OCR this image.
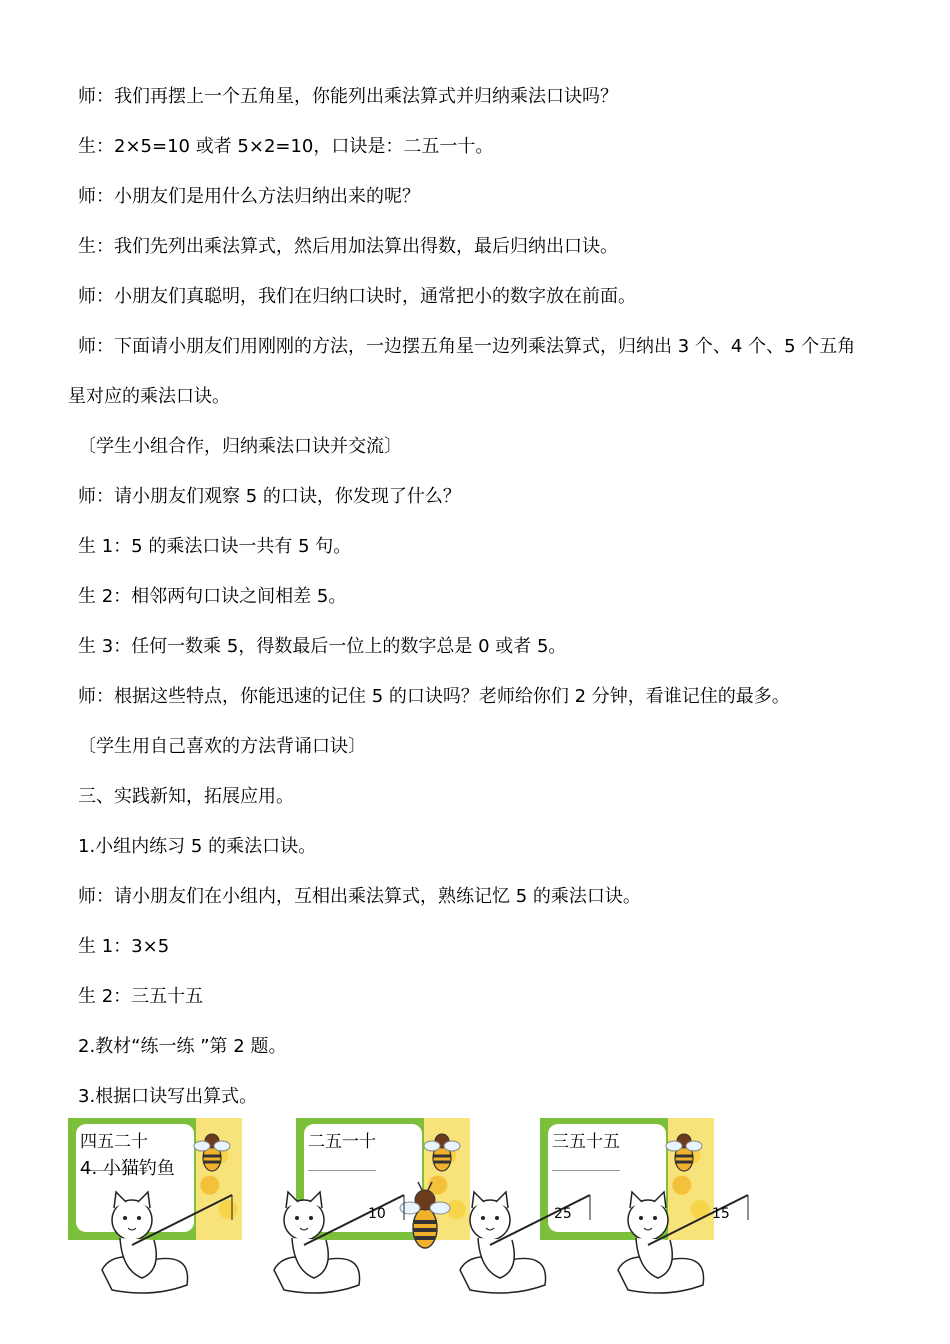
师：我们再摆上一个五角星，你能列出乘法算式并归纳乘法口诀吗？
生：2×5=10 或者 5×2=10，口诀是：二五一十。
师：小朋友们是用什么方法归纳出来的呢？
生：我们先列出乘法算式，然后用加法算出得数，最后归纳出口诀。
师：小朋友们真聪明，我们在归纳口诀时，通常把小的数字放在前面。
师：下面请小朋友们用刚刚的方法，一边摆五角星一边列乘法算式，归纳出 3 个、4 个、5 个五角
星对应的乘法口诀。
〔学生小组合作，归纳乘法口诀并交流〕
师：请小朋友们观察 5 的口诀，你发现了什么？
生 1：5 的乘法口诀一共有 5 句。
生 2：相邻两句口诀之间相差 5。
生 3：任何一数乘 5，得数最后一位上的数字总是 0 或者 5。
师：根据这些特点，你能迅速的记住 5 的口诀吗？老师给你们 2 分钟，看谁记住的最多。
〔学生用自己喜欢的方法背诵口诀〕
三、实践新知，拓展应用。
1.小组内练习 5 的乘法口诀。
师：请小朋友们在小组内，互相出乘法算式，熟练记忆 5 的乘法口诀。
生 1：3×5
生 2：三五十五
2.教材“练一练 ”第 2 题。
3.根据口诀写出算式。
四五二十	二五一十	三五十五
4. 小猫钓鱼
10	25	15
